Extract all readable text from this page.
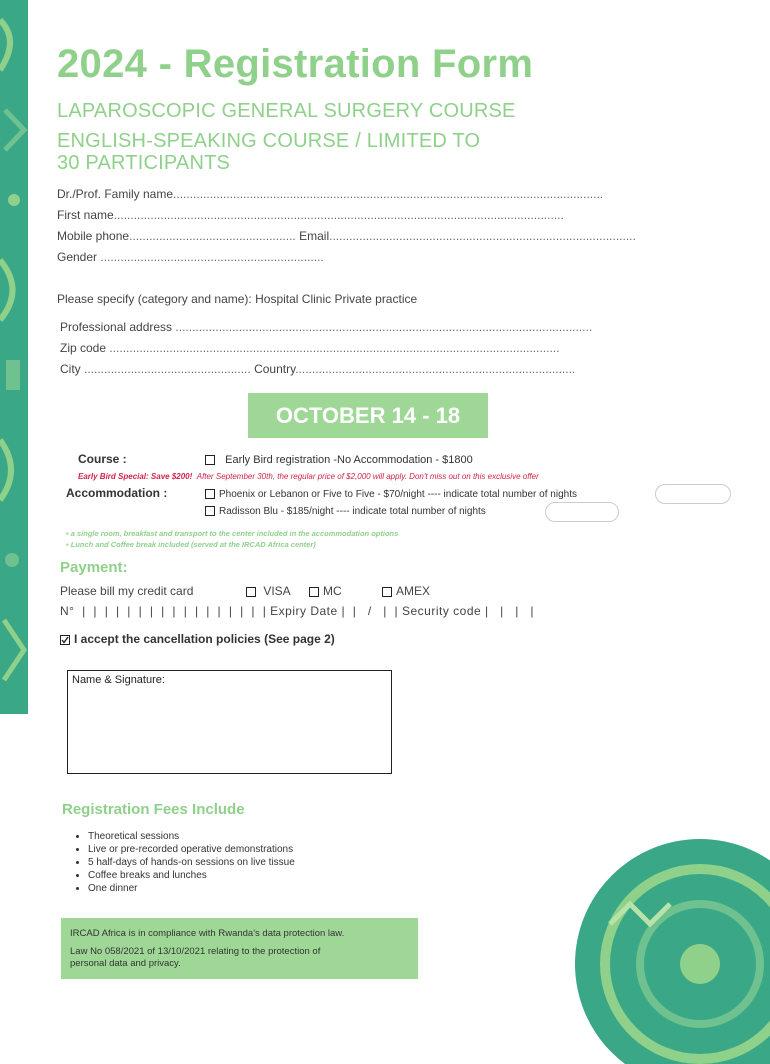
2024 - Registration Form
LAPAROSCOPIC GENERAL SURGERY COURSE
ENGLISH-SPEAKING COURSE / LIMITED TO
30 PARTICIPANTS
Dr./Prof. Family name.................................................................................................................................
First name.......................................................................................................................................
Mobile phone.................................................. Email............................................................................................
Gender ...................................................................
Please specify (category and name): Hospital Clinic Private practice
Professional address .............................................................................................................................
Zip code .......................................................................................................................................
City .................................................. Country....................................................................................
OCTOBER 14 - 18
Course :	Early Bird registration -No Accommodation - $1800
Early Bird Special: Save $200! After September 30th, the regular price of $2,000 will apply. Don't miss out on this exclusive offer
Accommodation :	Phoenix or Lebanon or Five to Five - $70/night ---- indicate total number of nights
Radisson Blu - $185/night ---- indicate total number of nights
▪ a single room, breakfast and transport to the center included in the accommodation options
▪ Lunch and Coffee break included (served at the IRCAD Africa center)
Payment:
Please bill my credit card	VISA	MC	AMEX
N°  |  |  |  |  |  |  |  |  |  |  |  |  |  |  |  |  | Expiry Date |  |   /   |  | Security code |   |   |   |
I accept the cancellation policies (See page 2)
Name & Signature:
Registration Fees Include
• Theoretical sessions
• Live or pre-recorded operative demonstrations
• 5 half-days of hands-on sessions on live tissue
• Coffee breaks and lunches
• One dinner

IRCAD Africa is in compliance with Rwanda's data protection law.

Law No 058/2021 of 13/10/2021 relating to the protection of

personal data and privacy.
